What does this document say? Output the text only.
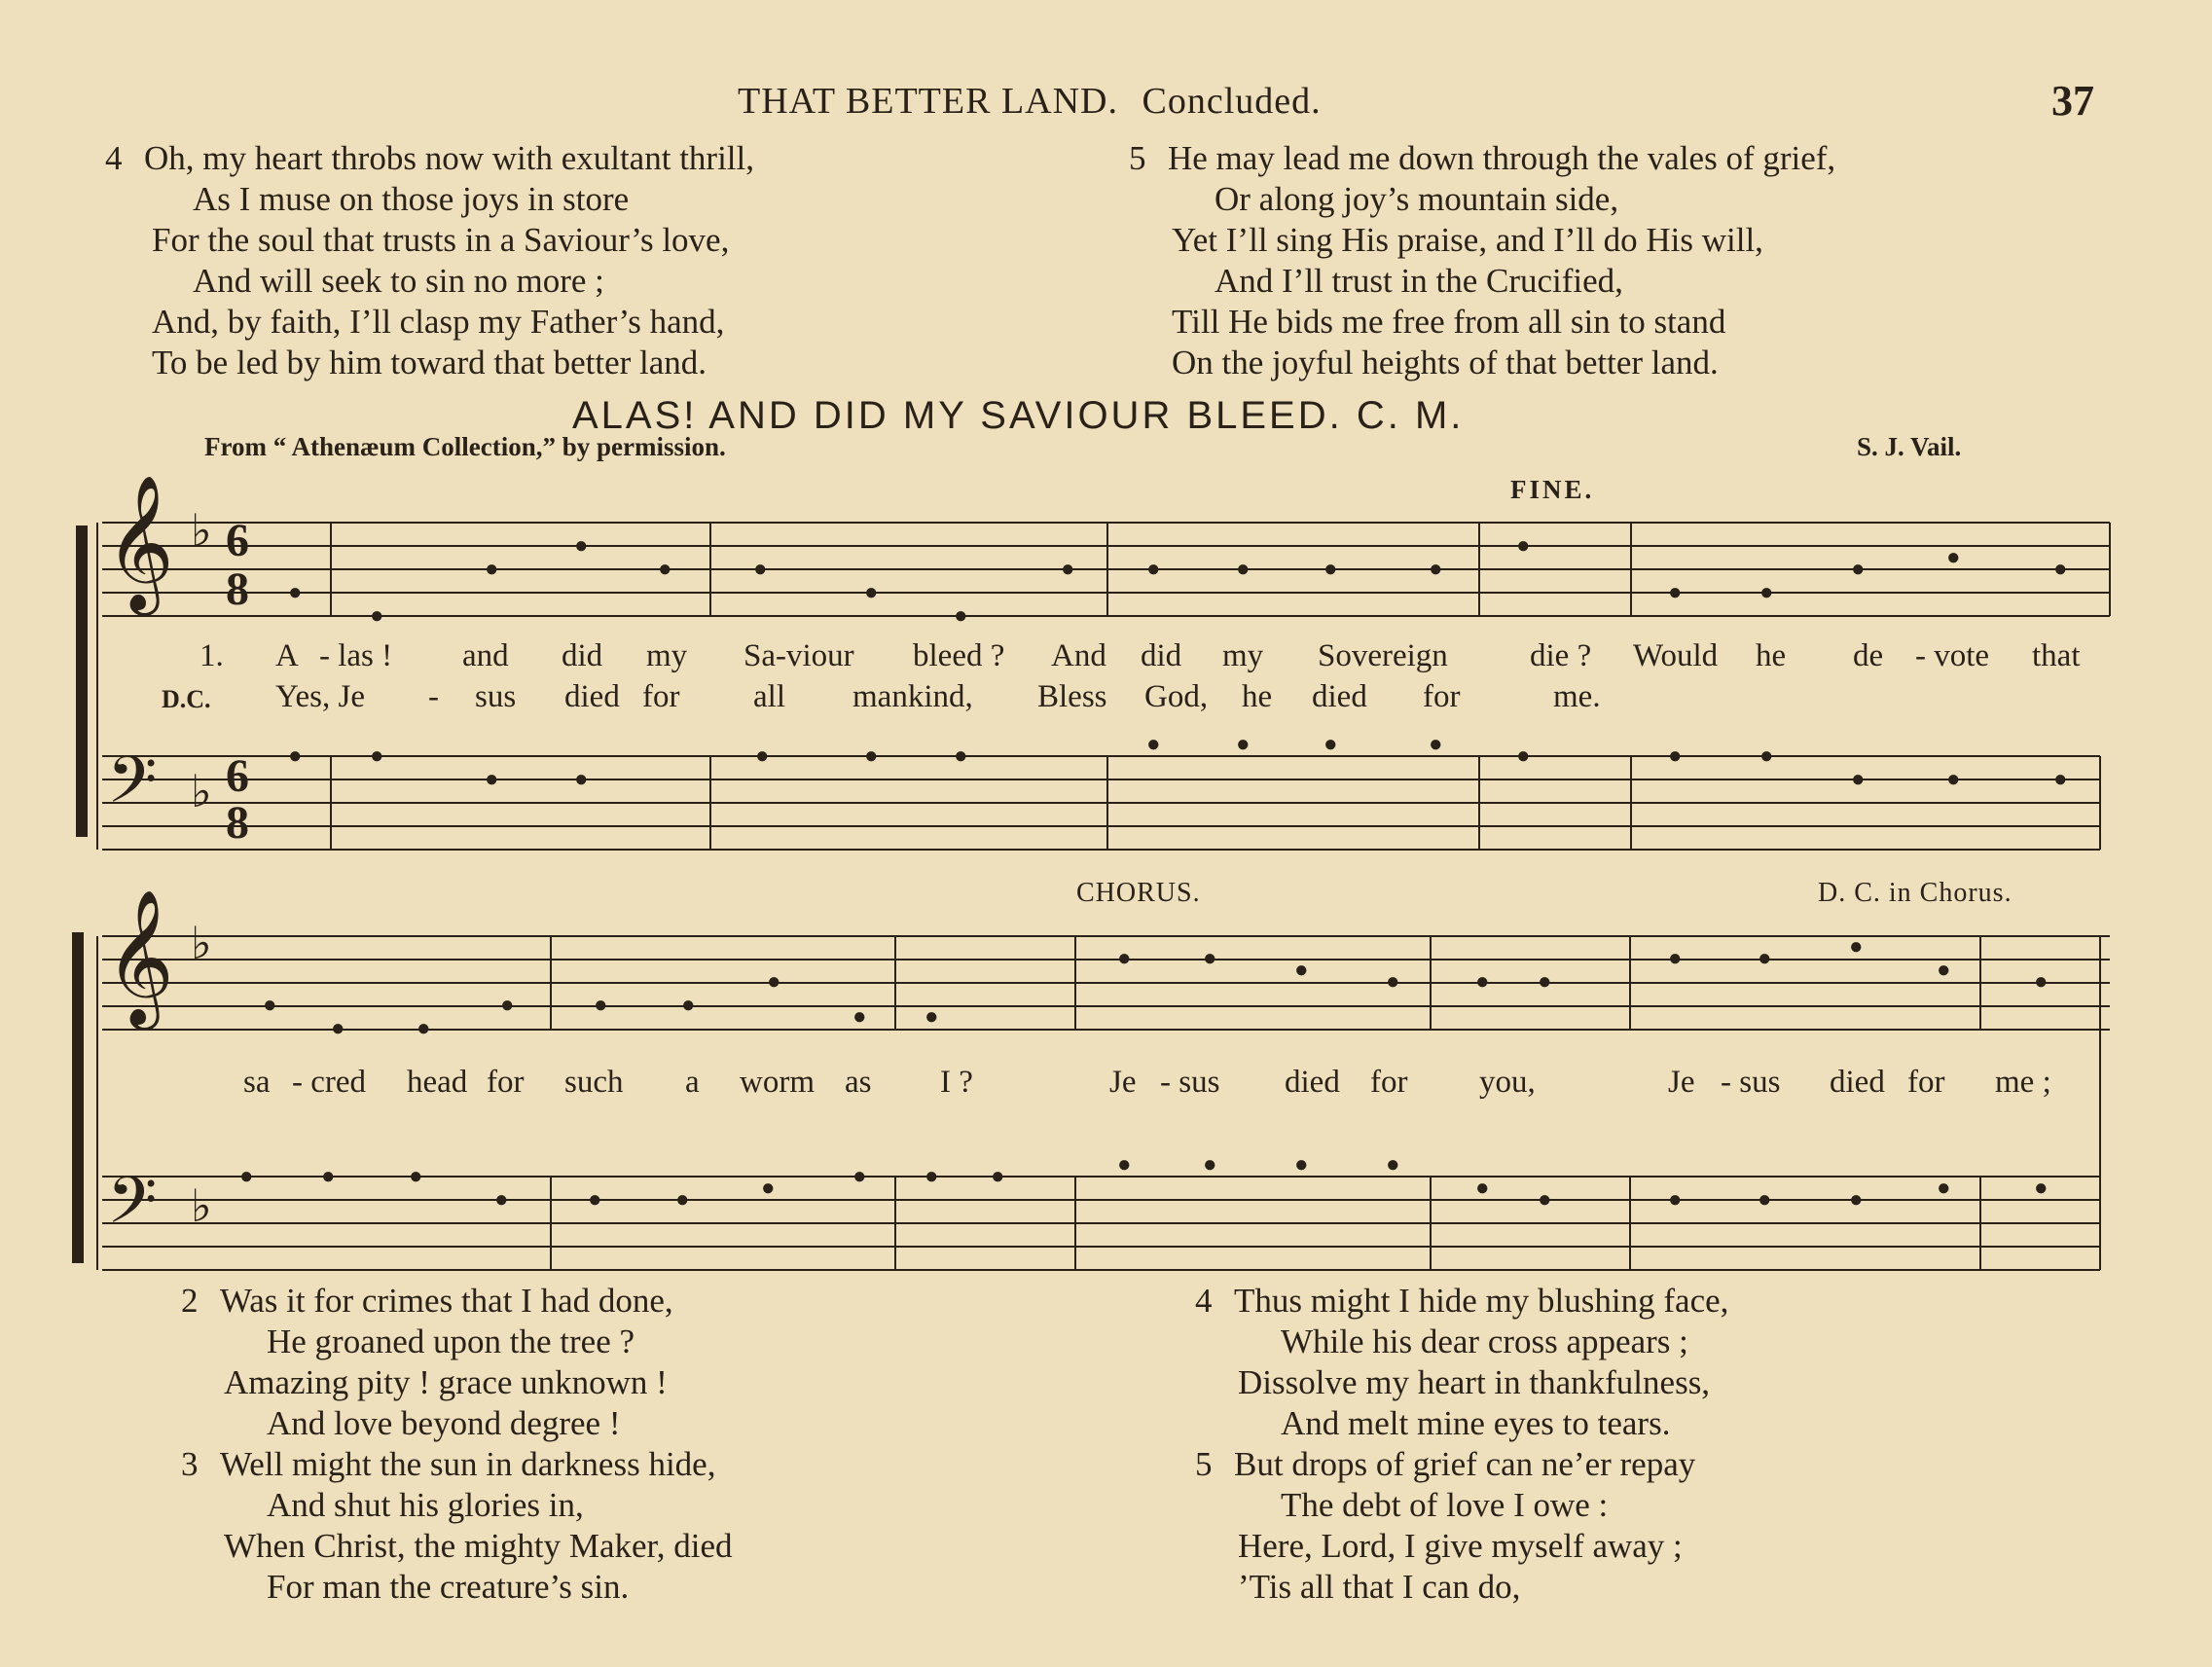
THAT BETTER LAND. Concluded.	37
4 Oh, my heart throbs now with exultant thrill,
As I muse on those joys in store
For the soul that trusts in a Saviour’s love,
And will seek to sin no more ;
And, by faith, I’ll clasp my Father’s hand,
To be led by him toward that better land.
5 He may lead me down through the vales of grief,
Or along joy’s mountain side,
Yet I’ll sing His praise, and I’ll do His will,
And I’ll trust in the Crucified,
Till He bids me free from all sin to stand
On the joyful heights of that better land.
ALAS! AND DID MY SAVIOUR BLEED. C. M.
From “ Athenæum Collection,” by permission.	S. J. Vail.
FINE.
𝄞
𝄢
𝄞
𝄢
♭
♭
♭
♭
6
8
6
8
●
●
●
●
●	●
●
●
●	●	●	●	●
●
●	●
●	●	●
●	●
●	●
●	●	●	●	●	●	●	●	●	●
●	●	●
●
●	●
●	●	●
●
● ●
●	●	●	●	● ●
●	●	●
●	●
●	●	●
●	●	●	●	● ● ●	●	●	●	●
● ●	●	●	●	●	●
1. A - las ! and did my Sa-viour bleed ? And did my Sovereign	die ? Would he de - vote that
D.C. Yes, Je - sus died for all mankind, Bless God, he died for	me.
CHORUS.	D. C. in Chorus.
sa - cred head for such a worm as I ?	Je - sus died for you,	Je - sus died for me ;
2 Was it for crimes that I had done,
He groaned upon the tree ?
Amazing pity ! grace unknown !
And love beyond degree !
3 Well might the sun in darkness hide,
And shut his glories in,
When Christ, the mighty Maker, died
For man the creature’s sin.
4 Thus might I hide my blushing face,
While his dear cross appears ;
Dissolve my heart in thankfulness,
And melt mine eyes to tears.
5 But drops of grief can ne’er repay
The debt of love I owe :
Here, Lord, I give myself away ;
’Tis all that I can do,
